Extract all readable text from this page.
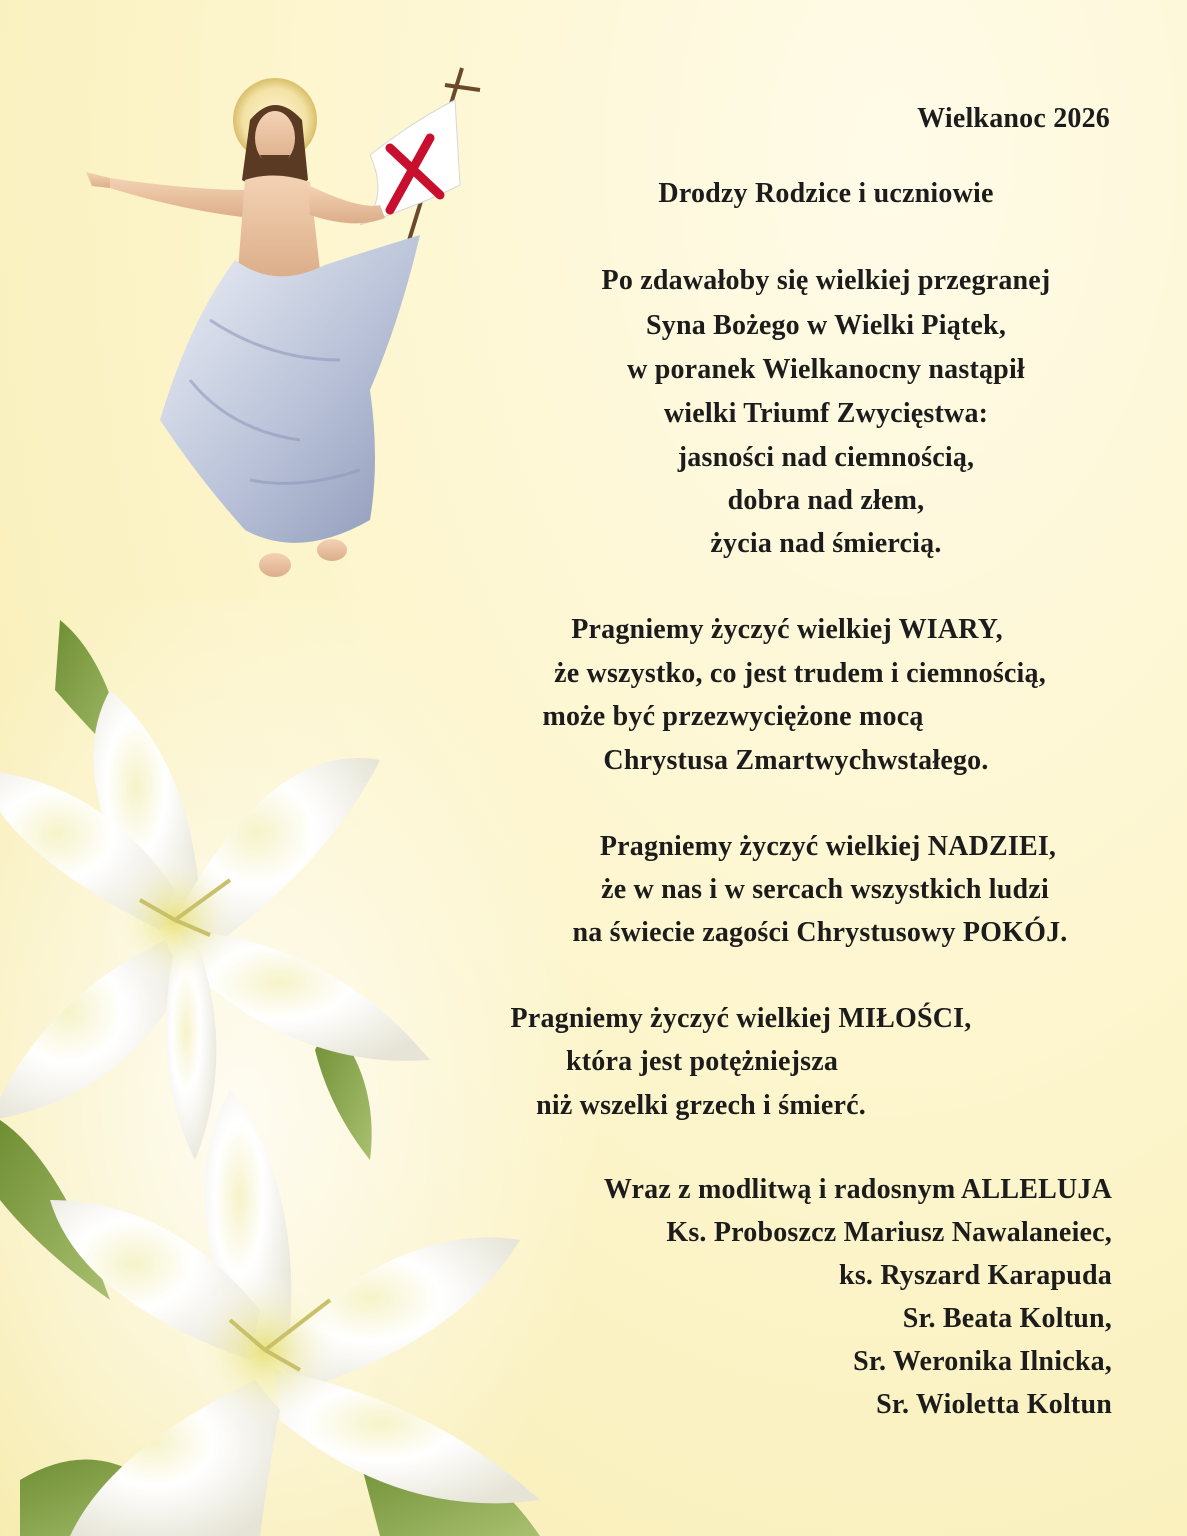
Wielkanoc 2026
Drodzy Rodzice i uczniowie
Po zdawałoby się wielkiej przegranej
Syna Bożego w Wielki Piątek,
w poranek Wielkanocny nastąpił
wielki Triumf Zwycięstwa:
jasności nad ciemnością,
dobra nad złem,
życia nad śmiercią.
Pragniemy życzyć wielkiej WIARY,
że wszystko, co jest trudem i ciemnością,
może być przezwyciężone mocą
Chrystusa Zmartwychwstałego.
Pragniemy życzyć wielkiej NADZIEI,
że w nas i w sercach wszystkich ludzi
na świecie zagości Chrystusowy POKÓJ.
Pragniemy życzyć wielkiej MIŁOŚCI,
która jest potężniejsza
niż wszelki grzech i śmierć.
Wraz z modlitwą i radosnym ALLELUJA
Ks. Proboszcz Mariusz Nawalaneiec,
ks. Ryszard Karapuda
Sr. Beata Koltun,
Sr. Weronika Ilnicka,
Sr. Wioletta Koltun
